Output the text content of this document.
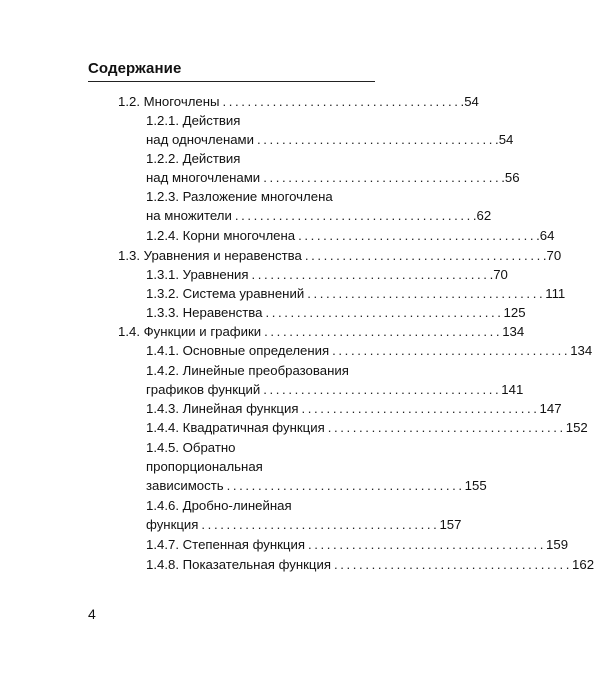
Содержание
1.2. Многочлены ...................................... .54
1.2.1. Действия
над одночленами ...................................... .54
1.2.2. Действия
над многочленами ...................................... .56
1.2.3. Разложение многочлена
на множители ...................................... .62
1.2.4. Корни многочлена ...................................... .64
1.3. Уравнения и неравенства ...................................... .70
1.3.1. Уравнения ...................................... .70
1.3.2. Система уравнений ...................................... 111
1.3.3. Неравенства ...................................... 125
1.4. Функции и графики ...................................... 134
1.4.1. Основные определения ...................................... 134
1.4.2. Линейные преобразования
графиков функций ...................................... 141
1.4.3. Линейная функция ...................................... 147
1.4.4. Квадратичная функция ...................................... 152
1.4.5. Обратно
пропорциональная
зависимость ...................................... 155
1.4.6. Дробно-линейная
функция ...................................... 157
1.4.7. Степенная функция ...................................... 159
1.4.8. Показательная функция ...................................... 162
4
